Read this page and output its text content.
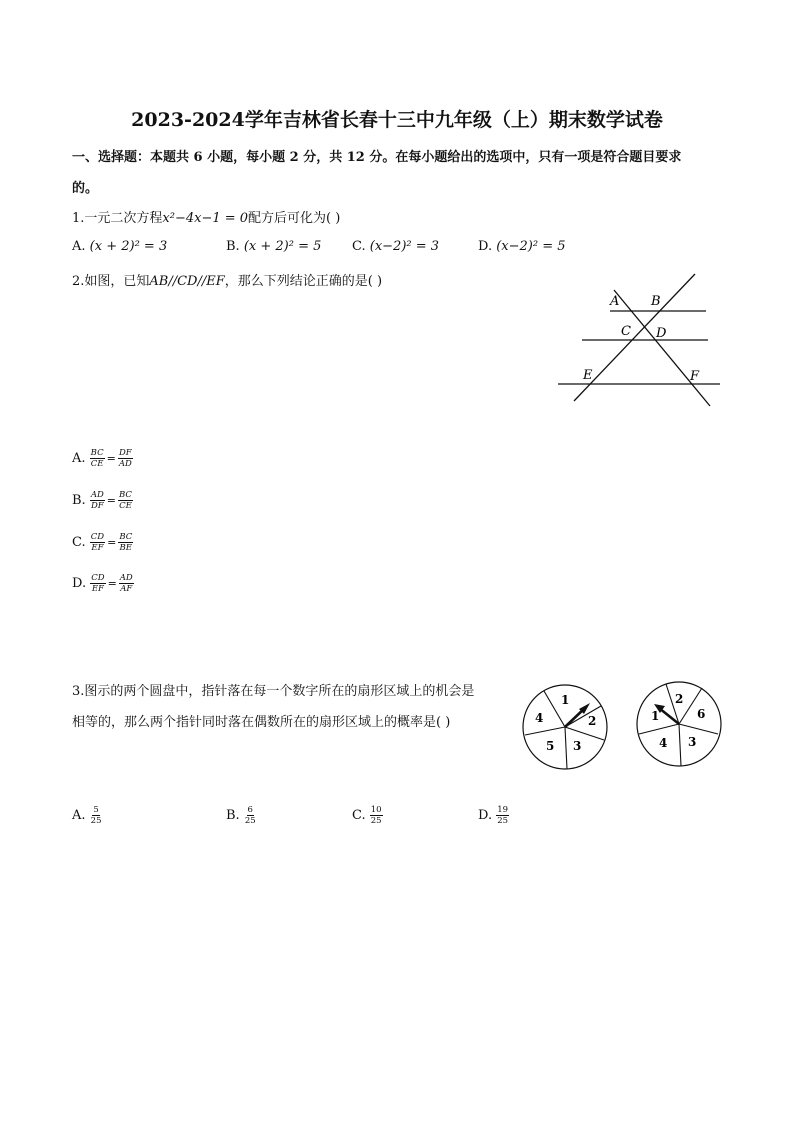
2023-2024学年吉林省长春十三中九年级（上）期末数学试卷
一、选择题：本题共 6 小题，每小题 2 分，共 12 分。在每小题给出的选项中，只有一项是符合题目要求
的。
1.一元二次方程x²−4x−1 = 0配方后可化为( )
A. (x + 2)² = 3	B. (x + 2)² = 5 C. (x−2)² = 3	D. (x−2)² = 5
2.如图，已知AB//CD//EF，那么下列结论正确的是( )
A B
C D
E	F
A. $\frac{BC}{CE} = \frac{DF}{AD}$
B. $\frac{AD}{DF} = \frac{BC}{CE}$
C. $\frac{CD}{EF} = \frac{BC}{BE}$
D. $\frac{CD}{EF} = \frac{AD}{AF}$
3.图示的两个圆盘中，指针落在每一个数字所在的扇形区域上的机会是
相等的，那么两个指针同时落在偶数所在的扇形区域上的概率是( )
1
2
3
5
4
2
6
3
4
1
A. $\frac{5}{25}$	B. $\frac{6}{25}$	C. $\frac{10}{25}$	D. $\frac{19}{25}$
